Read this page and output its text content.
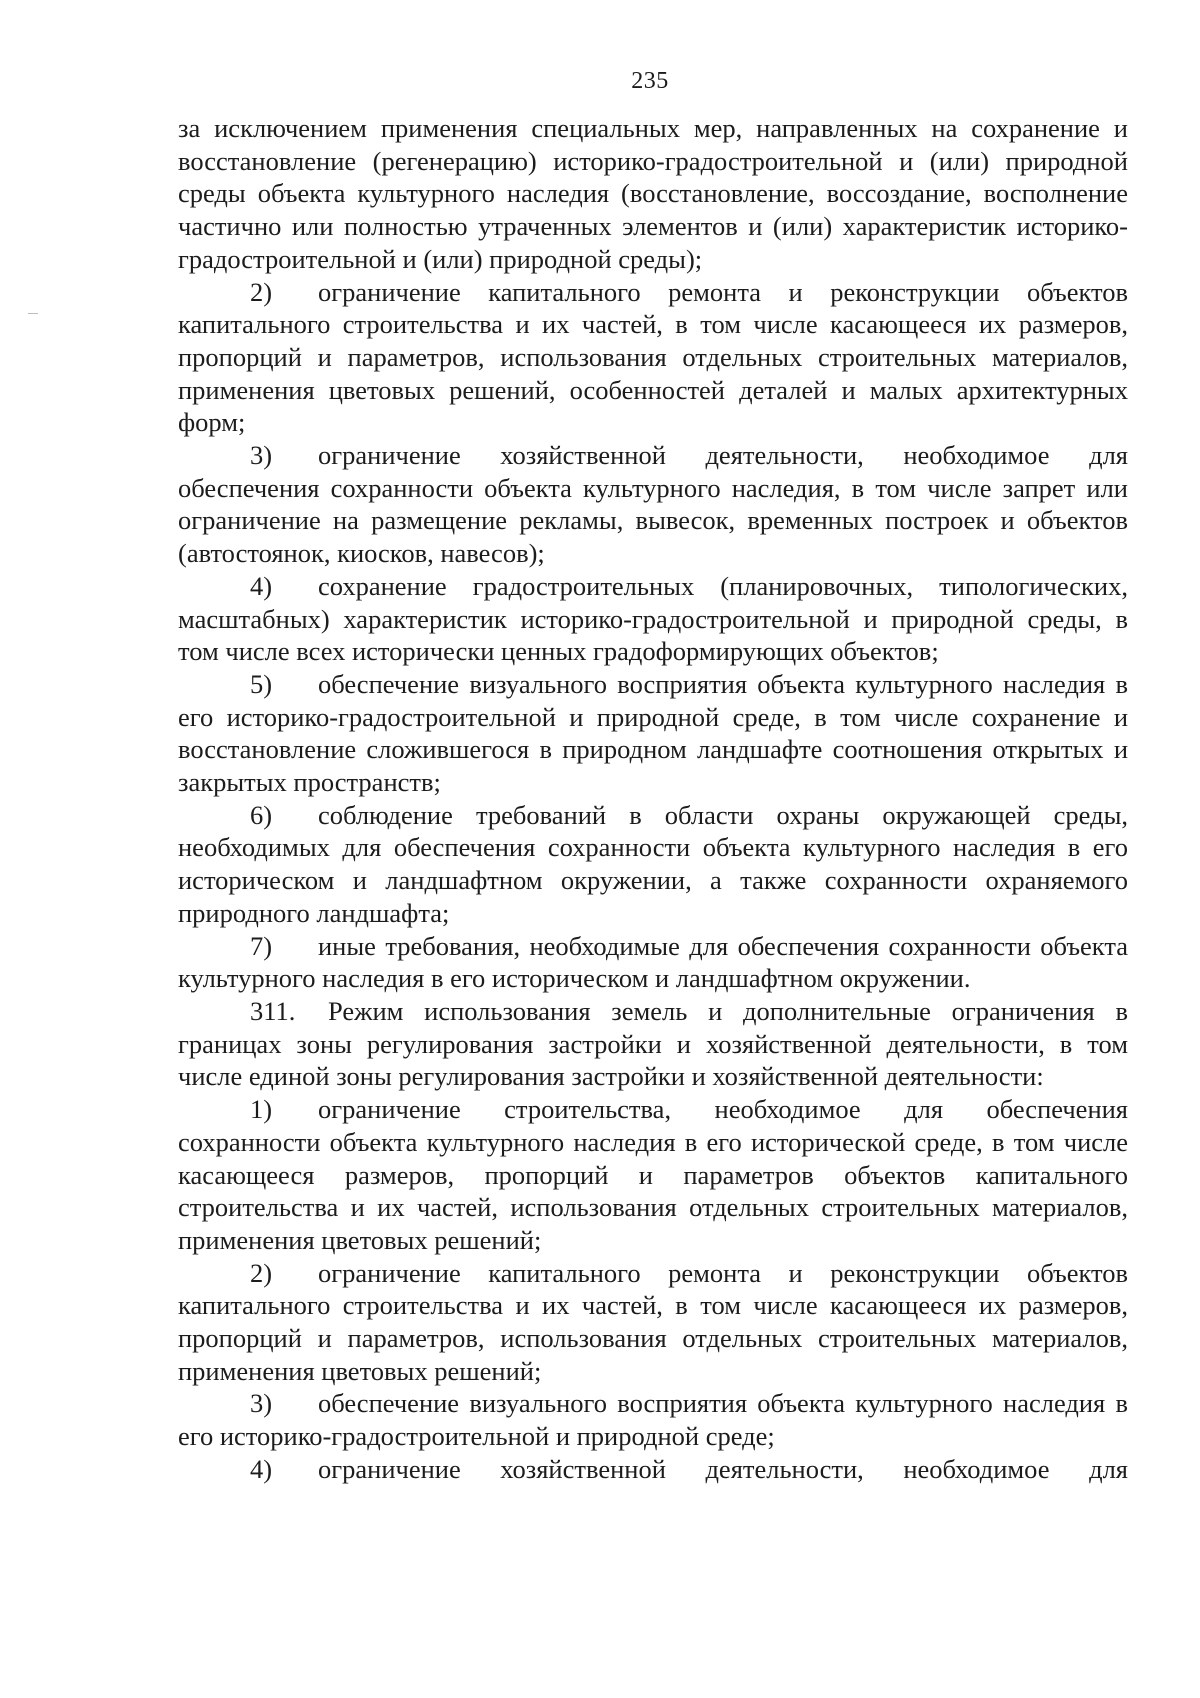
235

за исключением применения специальных мер, направленных на сохранение и восстановление (регенерацию) историко-градостроительной и (или) природной среды объекта культурного наследия (восстановление, воссоздание, восполнение частично или полностью утраченных элементов и (или) характеристик историко-градостроительной и (или) природной среды);

2) ограничение капитального ремонта и реконструкции объектов капитального строительства и их частей, в том числе касающееся их размеров, пропорций и параметров, использования отдельных строительных материалов, применения цветовых решений, особенностей деталей и малых архитектурных форм;

3) ограничение хозяйственной деятельности, необходимое для обеспечения сохранности объекта культурного наследия, в том числе запрет или ограничение на размещение рекламы, вывесок, временных построек и объектов (автостоянок, киосков, навесов);

4) сохранение градостроительных (планировочных, типологических, масштабных) характеристик историко-градостроительной и природной среды, в том числе всех исторически ценных градоформирующих объектов;

5) обеспечение визуального восприятия объекта культурного наследия в его историко-градостроительной и природной среде, в том числе сохранение и восстановление сложившегося в природном ландшафте соотношения открытых и закрытых пространств;

6) соблюдение требований в области охраны окружающей среды, необходимых для обеспечения сохранности объекта культурного наследия в его историческом и ландшафтном окружении, а также сохранности охраняемого природного ландшафта;

7) иные требования, необходимые для обеспечения сохранности объекта культурного наследия в его историческом и ландшафтном окружении.

311. Режим использования земель и дополнительные ограничения в границах зоны регулирования застройки и хозяйственной деятельности, в том числе единой зоны регулирования застройки и хозяйственной деятельности:

1) ограничение строительства, необходимое для обеспечения сохранности объекта культурного наследия в его исторической среде, в том числе касающееся размеров, пропорций и параметров объектов капитального строительства и их частей, использования отдельных строительных материалов, применения цветовых решений;

2) ограничение капитального ремонта и реконструкции объектов капитального строительства и их частей, в том числе касающееся их размеров, пропорций и параметров, использования отдельных строительных материалов, применения цветовых решений;

3) обеспечение визуального восприятия объекта культурного наследия в его историко-градостроительной и природной среде;

4) ограничение хозяйственной деятельности, необходимое для
